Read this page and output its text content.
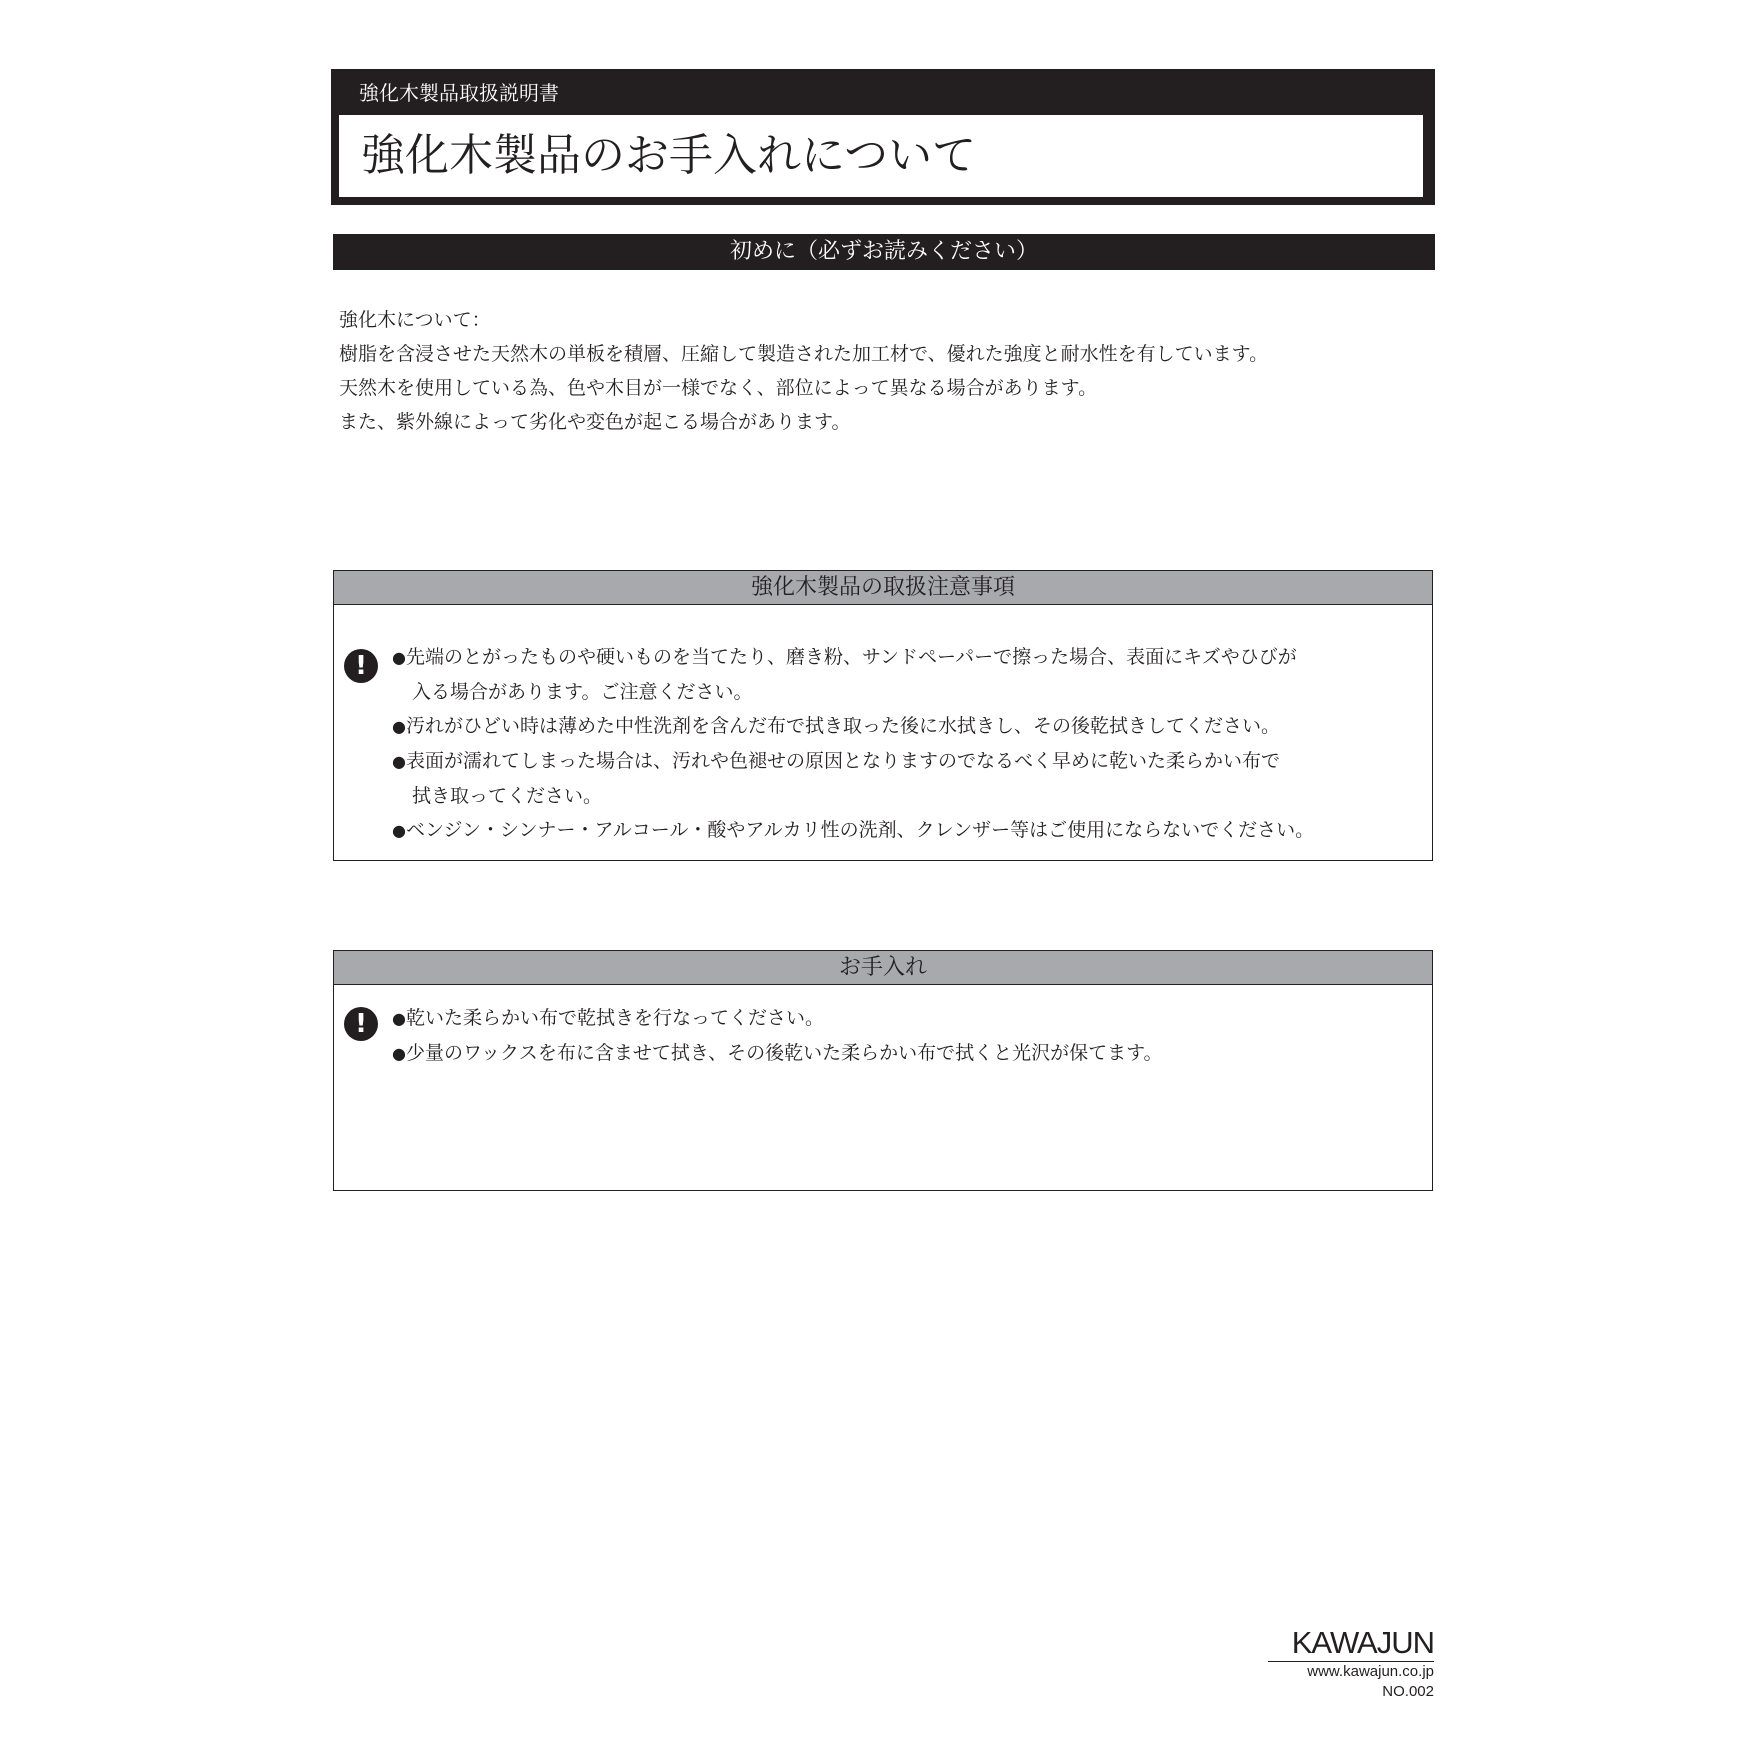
強化木製品取扱説明書
強化木製品のお手入れについて
初めに（必ずお読みください）

強化木について：

樹脂を含浸させた天然木の単板を積層、圧縮して製造された加工材で、優れた強度と耐水性を有しています。

天然木を使用している為、色や木目が一様でなく、部位によって異なる場合があります。

また、紫外線によって劣化や変色が起こる場合があります。

強化木製品の取扱注意事項
!	●先端のとがったものや硬いものを当てたり、磨き粉、サンドペーパーで擦った場合、表面にキズやひびが
入る場合があります。ご注意ください。
●汚れがひどい時は薄めた中性洗剤を含んだ布で拭き取った後に水拭きし、その後乾拭きしてください。
●表面が濡れてしまった場合は、汚れや色褪せの原因となりますのでなるべく早めに乾いた柔らかい布で
拭き取ってください。
●ベンジン・シンナー・アルコール・酸やアルカリ性の洗剤、クレンザー等はご使用にならないでください。
お手入れ
!	●乾いた柔らかい布で乾拭きを行なってください。
●少量のワックスを布に含ませて拭き、その後乾いた柔らかい布で拭くと光沢が保てます。
KAWAJUN
www.kawajun.co.jp
NO.002
